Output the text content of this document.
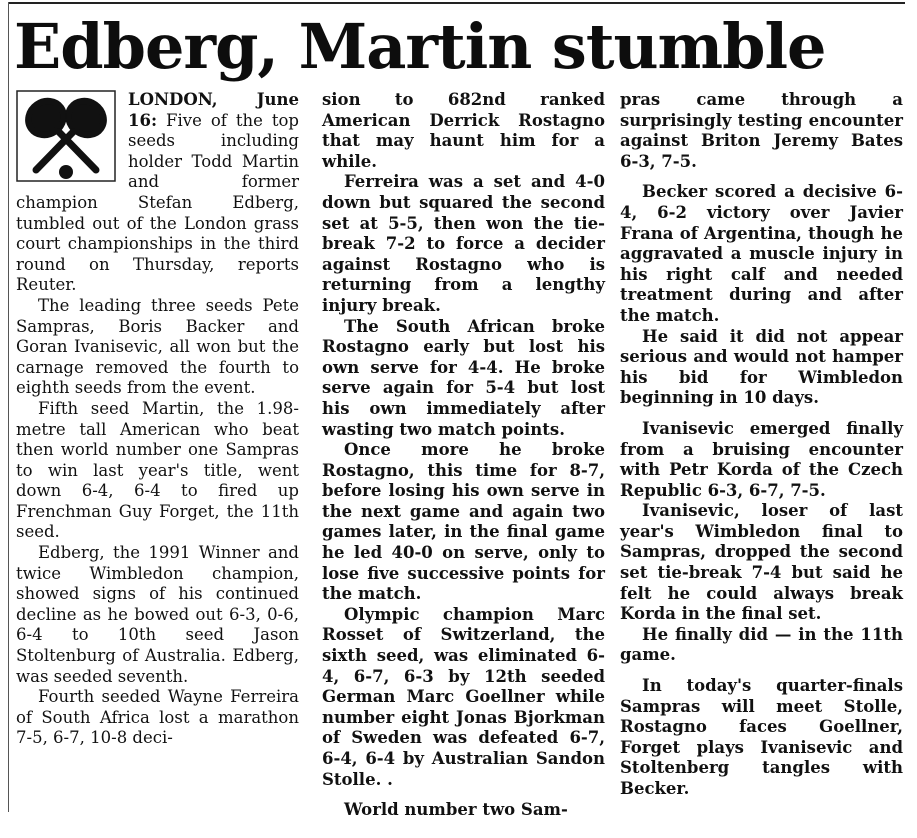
Edberg, Martin stumble

LONDON, June 16: Five of the top seeds including holder Todd Martin and former champion Stefan Edberg, tumbled out of the London grass court championships in the third round on Thursday, reports Reuter.

The leading three seeds Pete Sampras, Boris Backer and Goran Ivanisevic, all won but the carnage removed the fourth to eighth seeds from the event.

Fifth seed Martin, the 1.98-metre tall American who beat then world number one Sampras to win last year's title, went down 6-4, 6-4 to fired up Frenchman Guy Forget, the 11th seed.

Edberg, the 1991 Winner and twice Wimbledon champion, showed signs of his continued decline as he bowed out 6-3, 0-6, 6-4 to 10th seed Jason Stoltenburg of Australia. Edberg, was seeded seventh.

Fourth seeded Wayne Ferreira of South Africa lost a marathon 7-5, 6-7, 10-8 deci-

sion to 682nd ranked American Derrick Rostagno that may haunt him for a while.

Ferreira was a set and 4-0 down but squared the second set at 5-5, then won the tie-break 7-2 to force a decider against Rostagno who is returning from a lengthy injury break.

The South African broke Rostagno early but lost his own serve for 4-4. He broke serve again for 5-4 but lost his own immediately after wasting two match points.

Once more he broke Rostagno, this time for 8-7, before losing his own serve in the next game and again two games later, in the final game he led 40-0 on serve, only to lose five successive points for the match.

Olympic champion Marc Rosset of Switzerland, the sixth seed, was eliminated 6-4, 6-7, 6-3 by 12th seeded German Marc Goellner while number eight Jonas Bjorkman of Sweden was defeated 6-7, 6-4, 6-4 by Australian Sandon Stolle. .

World number two Sam-

pras came through a surprisingly testing encounter against Briton Jeremy Bates 6-3, 7-5.

Becker scored a decisive 6-4, 6-2 victory over Javier Frana of Argentina, though he aggravated a muscle injury in his right calf and needed treatment during and after the match.

He said it did not appear serious and would not hamper his bid for Wimbledon beginning in 10 days.

Ivanisevic emerged finally from a bruising encounter with Petr Korda of the Czech Republic 6-3, 6-7, 7-5.

Ivanisevic, loser of last year's Wimbledon final to Sampras, dropped the second set tie-break 7-4 but said he felt he could always break Korda in the final set.

He finally did — in the 11th game.

In today's quarter-finals Sampras will meet Stolle, Rostagno faces Goellner, Forget plays Ivanisevic and Stoltenberg tangles with Becker.
